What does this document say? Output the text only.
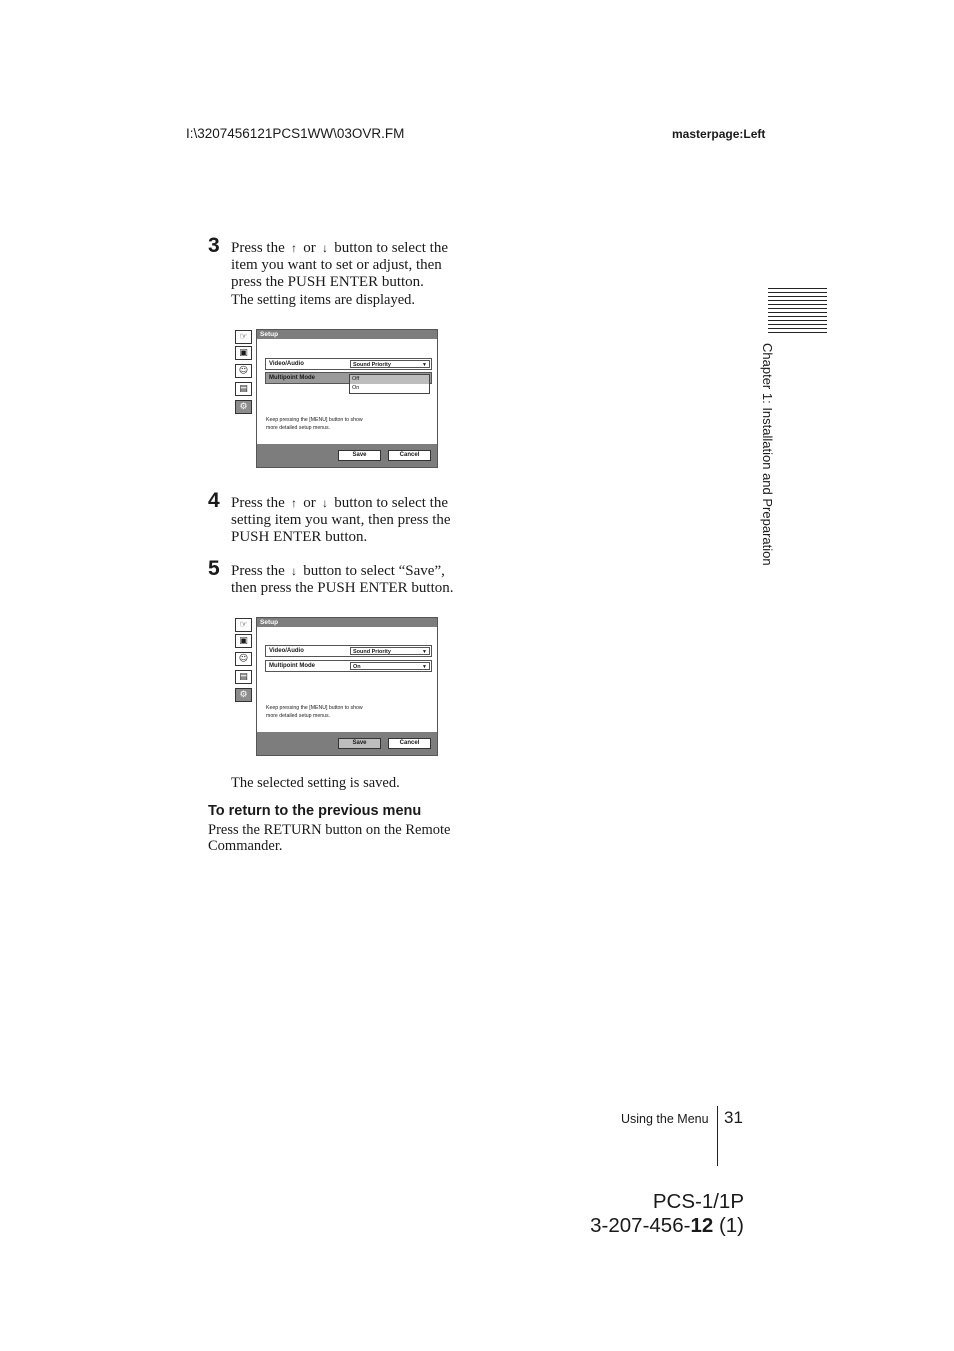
I:\3207456121PCS1WW\03OVR.FM	masterpage:Left
3 Press the ↑ or ↓ button to select the

item you want to set or adjust, then

press the PUSH ENTER button.

The setting items are displayed.
☞
▣
☺
▤
⚙
Setup
Video/Audio	Sound Priority	▼
Multipoint Mode	Off
On
Keep pressing the [MENU] button to show
more detailed setup menus.
Save	Cancel
4 Press the ↑ or ↓ button to select the

setting item you want, then press the

PUSH ENTER button.

5 Press the ↓ button to select “Save”,

then press the PUSH ENTER button.

☞
▣
☺
▤
⚙
Setup
Video/Audio	Sound Priority	▼
Multipoint Mode	On	▼
Keep pressing the [MENU] button to show
more detailed setup menus.
Save	Cancel
The selected setting is saved.
To return to the previous menu
Press the RETURN button on the Remote Commander.
Chapter 1: Installation and Preparation
Using the Menu 31
PCS-1/1P
3-207-456-12 (1)
